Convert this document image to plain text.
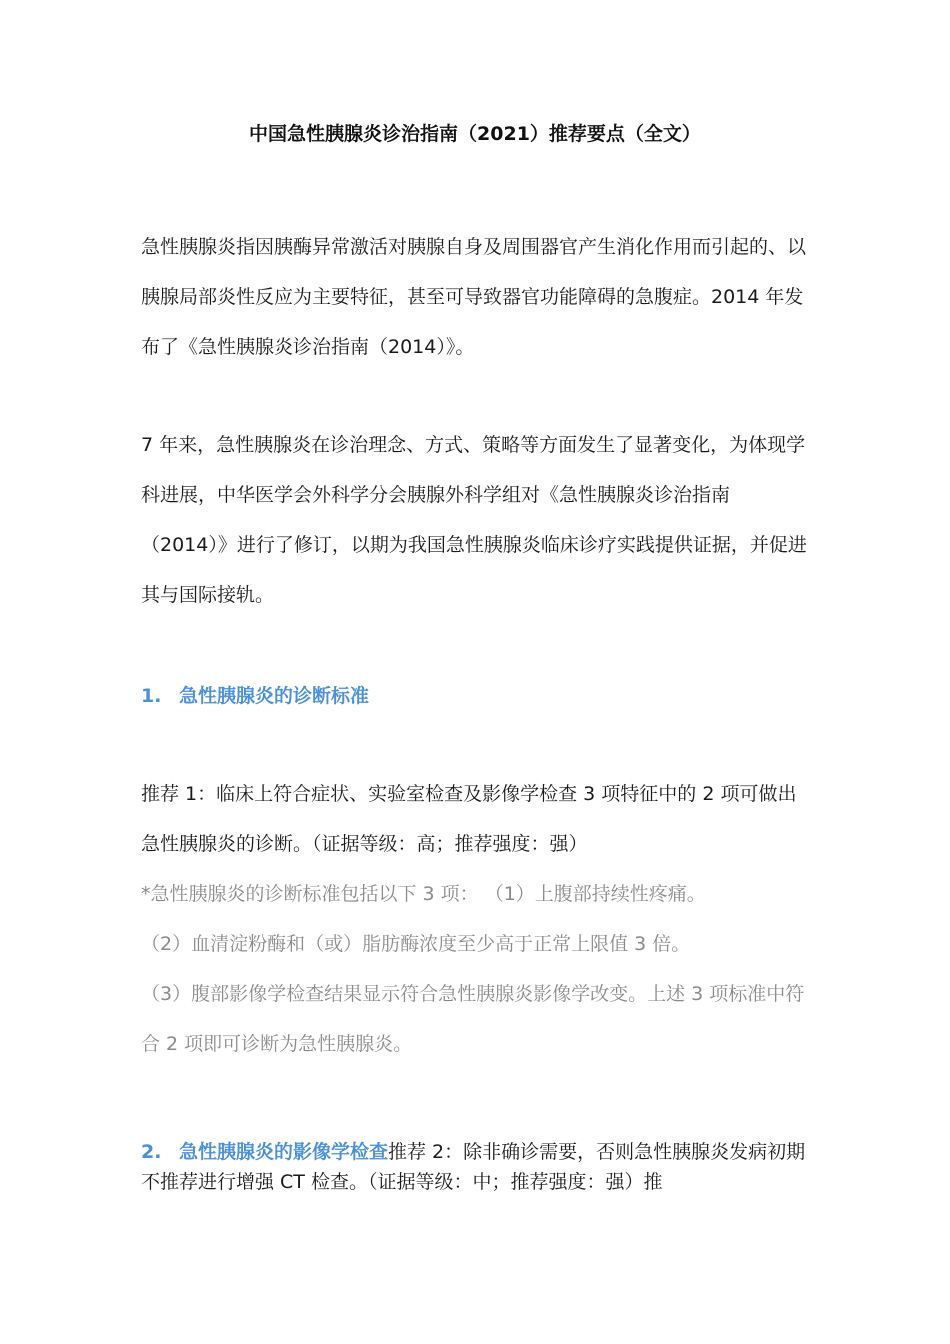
中国急性胰腺炎诊治指南（2021）推荐要点（全文）

急性胰腺炎指因胰酶异常激活对胰腺自身及周围器官产生消化作用而引起的、以胰腺局部炎性反应为主要特征，甚至可导致器官功能障碍的急腹症。2014 年发布了《急性胰腺炎诊治指南（2014）》。

7 年来，急性胰腺炎在诊治理念、方式、策略等方面发生了显著变化，为体现学科进展，中华医学会外科学分会胰腺外科学组对《急性胰腺炎诊治指南（2014）》进行了修订，以期为我国急性胰腺炎临床诊疗实践提供证据，并促进其与国际接轨。

1. 急性胰腺炎的诊断标准

推荐 1：临床上符合症状、实验室检查及影像学检查 3 项特征中的 2 项可做出急性胰腺炎的诊断。（证据等级：高；推荐强度：强）

*急性胰腺炎的诊断标准包括以下 3 项： （1）上腹部持续性疼痛。

（2）血清淀粉酶和（或）脂肪酶浓度至少高于正常上限值 3 倍。

（3）腹部影像学检查结果显示符合急性胰腺炎影像学改变。上述 3 项标准中符合 2 项即可诊断为急性胰腺炎。

2. 急性胰腺炎的影像学检查推荐 2：除非确诊需要，否则急性胰腺炎发病初期不推荐进行增强 CT 检查。（证据等级：中；推荐强度：强）推
